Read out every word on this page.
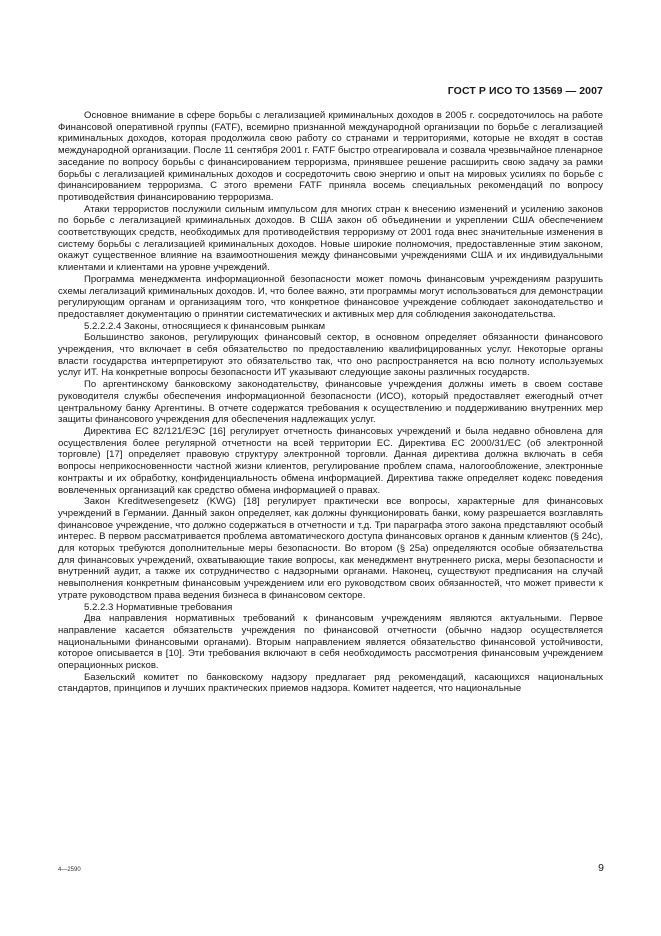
ГОСТ Р ИСО ТО 13569 — 2007

Основное внимание в сфере борьбы с легализацией криминальных доходов в 2005 г. сосредоточилось на работе Финансовой оперативной группы (FATF), всемирно признанной международной организации по борьбе с легализацией криминальных доходов, которая продолжила свою работу со странами и территориями, которые не входят в состав международной организации. После 11 сентября 2001 г. FATF быстро отреагировала и созвала чрезвычайное пленарное заседание по вопросу борьбы с финансированием терроризма, принявшее решение расширить свою задачу за рамки борьбы с легализацией криминальных доходов и сосредоточить свою энергию и опыт на мировых усилиях по борьбе с финансированием терроризма. С этого времени FATF приняла восемь специальных рекомендаций по вопросу противодействия финансированию терроризма.

Атаки террористов послужили сильным импульсом для многих стран к внесению изменений и усилению законов по борьбе с легализацией криминальных доходов. В США закон об объединении и укреплении США обеспечением соответствующих средств, необходимых для противодействия терроризму от 2001 года внес значительные изменения в систему борьбы с легализацией криминальных доходов. Новые широкие полномочия, предоставленные этим законом, окажут существенное влияние на взаимоотношения между финансовыми учреждениями США и их индивидуальными клиентами и клиентами на уровне учреждений.

Программа менеджмента информационной безопасности может помочь финансовым учреждениям разрушить схемы легализаций криминальных доходов. И, что более важно, эти программы могут использоваться для демонстрации регулирующим органам и организациям того, что конкретное финансовое учреждение соблюдает законодательство и предоставляет документацию о принятии систематических и активных мер для соблюдения законодательства.

5.2.2.2.4 Законы, относящиеся к финансовым рынкам

Большинство законов, регулирующих финансовый сектор, в основном определяет обязанности финансового учреждения, что включает в себя обязательство по предоставлению квалифицированных услуг. Некоторые органы власти государства интерпретируют это обязательство так, что оно распространяется на всю полноту используемых услуг ИТ. На конкретные вопросы безопасности ИТ указывают следующие законы различных государств.

По аргентинскому банковскому законодательству, финансовые учреждения должны иметь в своем составе руководителя службы обеспечения информационной безопасности (ИСО), который предоставляет ежегодный отчет центральному банку Аргентины. В отчете содержатся требования к осуществлению и поддерживанию внутренних мер защиты финансового учреждения для обеспечения надлежащих услуг.

Директива ЕС 82/121/ЕЭС [16] регулирует отчетность финансовых учреждений и была недавно обновлена для осуществления более регулярной отчетности на всей территории ЕС. Директива ЕС 2000/31/ЕС (об электронной торговле) [17] определяет правовую структуру электронной торговли. Данная директива должна включать в себя вопросы неприкосновенности частной жизни клиентов, регулирование проблем спама, налогообложение, электронные контракты и их обработку, конфиденциальность обмена информацией. Директива также определяет кодекс поведения вовлеченных организаций как средство обмена информацией о правах.

Закон Kreditwesengesetz (KWG) [18] регулирует практически все вопросы, характерные для финансовых учреждений в Германии. Данный закон определяет, как должны функционировать банки, кому разрешается возглавлять финансовое учреждение, что должно содержаться в отчетности и т.д. Три параграфа этого закона представляют особый интерес. В первом рассматривается проблема автоматического доступа финансовых органов к данным клиентов (§ 24с), для которых требуются дополнительные меры безопасности. Во втором (§ 25а) определяются особые обязательства для финансовых учреждений, охватывающие такие вопросы, как менеджмент внутреннего риска, меры безопасности и внутренний аудит, а также их сотрудничество с надзорными органами. Наконец, существуют предписания на случай невыполнения конкретным финансовым учреждением или его руководством своих обязанностей, что может привести к утрате руководством права ведения бизнеса в финансовом секторе.

5.2.2.3 Нормативные требования

Два направления нормативных требований к финансовым учреждениям являются актуальными. Первое направление касается обязательств учреждения по финансовой отчетности (обычно надзор осуществляется национальными финансовыми органами). Вторым направлением является обязательство финансовой устойчивости, которое описывается в [10]. Эти требования включают в себя необходимость рассмотрения финансовым учреждением операционных рисков.

Базельский комитет по банковскому надзору предлагает ряд рекомендаций, касающихся национальных стандартов, принципов и лучших практических приемов надзора. Комитет надеется, что национальные

4—2590	9
